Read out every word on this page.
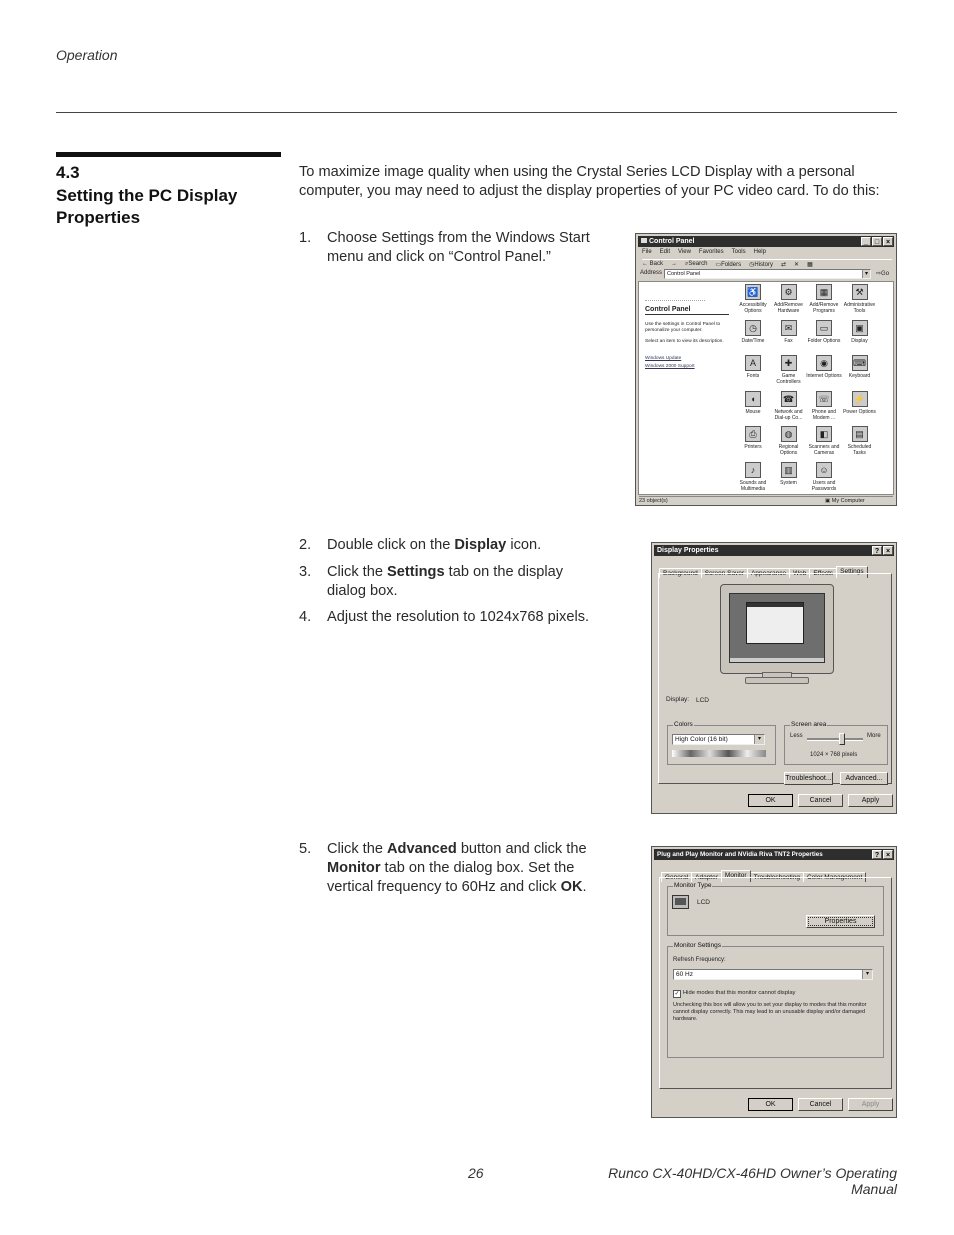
Operation
4.3
Setting the PC Display Properties
To maximize image quality when using the Crystal Series LCD Display with a personal computer, you may need to adjust the display properties of your PC video card. To do this:
1. Choose Settings from the Windows Start
menu and click on “Control Panel.”
2. Double click on the Display icon.
3. Click the Settings tab on the display
dialog box.
4. Adjust the resolution to 1024x768 pixels.
5. Click the Advanced button and click the
Monitor tab on the dialog box. Set the
vertical frequency to 60Hz and click OK.
26	Runco CX-40HD/CX-46HD Owner’s Operating Manual
Control Panel	_ □ ×
File Edit View Favorites Tools Help
← Back → ⌕Search ▭Folders ◷History ⇄ ✕ ▦
Address Control Panel	▾	⇨Go
Control Panel
Use the settings in Control Panel to personalize your computer.
Select an item to view its description.
Windows Update
Windows 2000 Support
♿
Accessibility Options
⚙
Add/Remove Hardware
▦
Add/Remove Programs
⚒
Administrative Tools
◷
Date/Time
✉
Fax
▭
Folder Options
▣
Display
A
Fonts
✚
Game Controllers
◉
Internet Options
⌨
Keyboard
◖
Mouse
☎
Network and Dial-up Co...
☏
Phone and Modem ...
⚡
Power Options
⎙
Printers
◍
Regional Options
◧
Scanners and Cameras
▤
Scheduled Tasks
♪
Sounds and Multimedia
▥
System
☺
Users and Passwords
23 object(s)	▣ My Computer
Display Properties	? ×
Background Screen Saver Appearance Web Effects Settings
Display: LCD
Colors
High Color (16 bit)	▾
Screen area
Less	More
1024 × 768 pixels
Troubleshoot...	Advanced...
OK	Cancel	Apply
Plug and Play Monitor and NVidia Riva TNT2 Properties	? ×
General Adapter Monitor Troubleshooting Color Management
Monitor Type
LCD
Properties
Monitor Settings
Refresh Frequency:
60 Hz	▾
✓ Hide modes that this monitor cannot display
Unchecking this box will allow you to set your display to modes that this monitor cannot display correctly. This may lead to an unusable display and/or damaged hardware.
OK	Cancel	Apply
